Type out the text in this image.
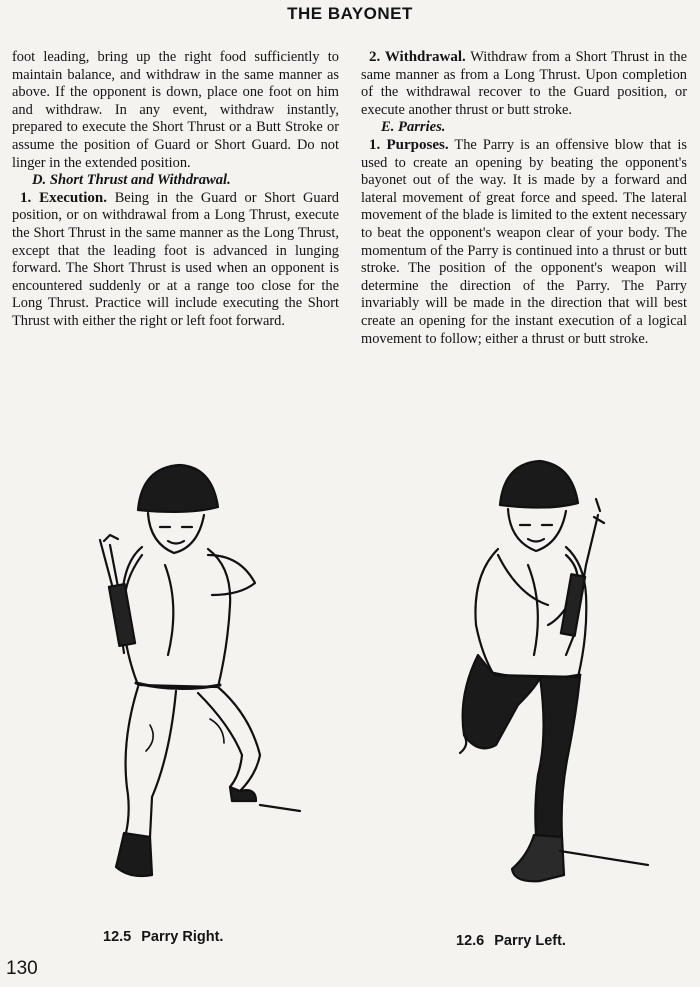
THE BAYONET

foot leading, bring up the right food sufficiently to maintain balance, and withdraw in the same manner as above. If the opponent is down, place one foot on him and withdraw. In any event, withdraw instantly, prepared to execute the Short Thrust or a Butt Stroke or assume the position of Guard or Short Guard. Do not linger in the extended position.

D. Short Thrust and Withdrawal.

1. Execution. Being in the Guard or Short Guard position, or on withdrawal from a Long Thrust, execute the Short Thrust in the same manner as the Long Thrust, except that the leading foot is advanced in lunging forward. The Short Thrust is used when an opponent is encountered suddenly or at a range too close for the Long Thrust. Practice will include executing the Short Thrust with either the right or left foot forward.

2. Withdrawal. Withdraw from a Short Thrust in the same manner as from a Long Thrust. Upon completion of the withdrawal recover to the Guard position, or execute another thrust or butt stroke.

E. Parries.

1. Purposes. The Parry is an offensive blow that is used to create an opening by beating the opponent's bayonet out of the way. It is made by a forward and lateral movement of great force and speed. The lateral movement of the blade is limited to the extent necessary to beat the opponent's weapon clear of your body. The momentum of the Parry is continued into a thrust or butt stroke. The position of the opponent's weapon will determine the direction of the Parry. The Parry invariably will be made in the direction that will best create an opening for the instant execution of a logical movement to follow; either a thrust or butt stroke.

12.5 Parry Right.	12.6 Parry Left.
130
